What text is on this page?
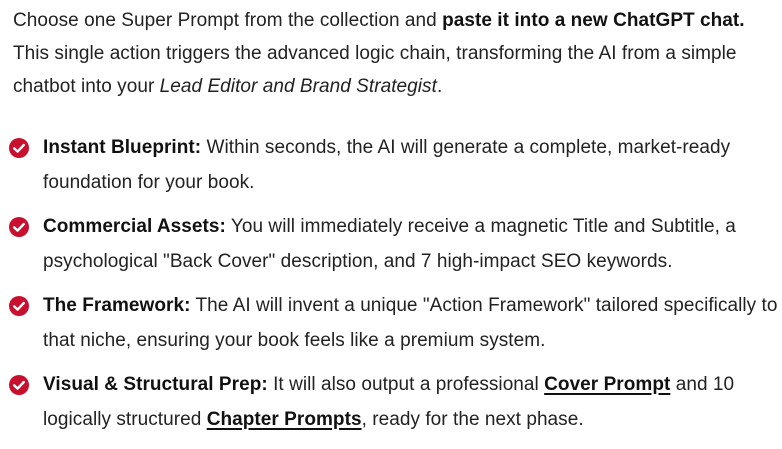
Choose one Super Prompt from the collection and paste it into a new ChatGPT chat. This single action triggers the advanced logic chain, transforming the AI from a simple chatbot into your Lead Editor and Brand Strategist.

Instant Blueprint: Within seconds, the AI will generate a complete, market-ready foundation for your book.
Commercial Assets: You will immediately receive a magnetic Title and Subtitle, a psychological "Back Cover" description, and 7 high-impact SEO keywords.
The Framework: The AI will invent a unique "Action Framework" tailored specifically to that niche, ensuring your book feels like a premium system.
Visual & Structural Prep: It will also output a professional Cover Prompt and 10 logically structured Chapter Prompts, ready for the next phase.
